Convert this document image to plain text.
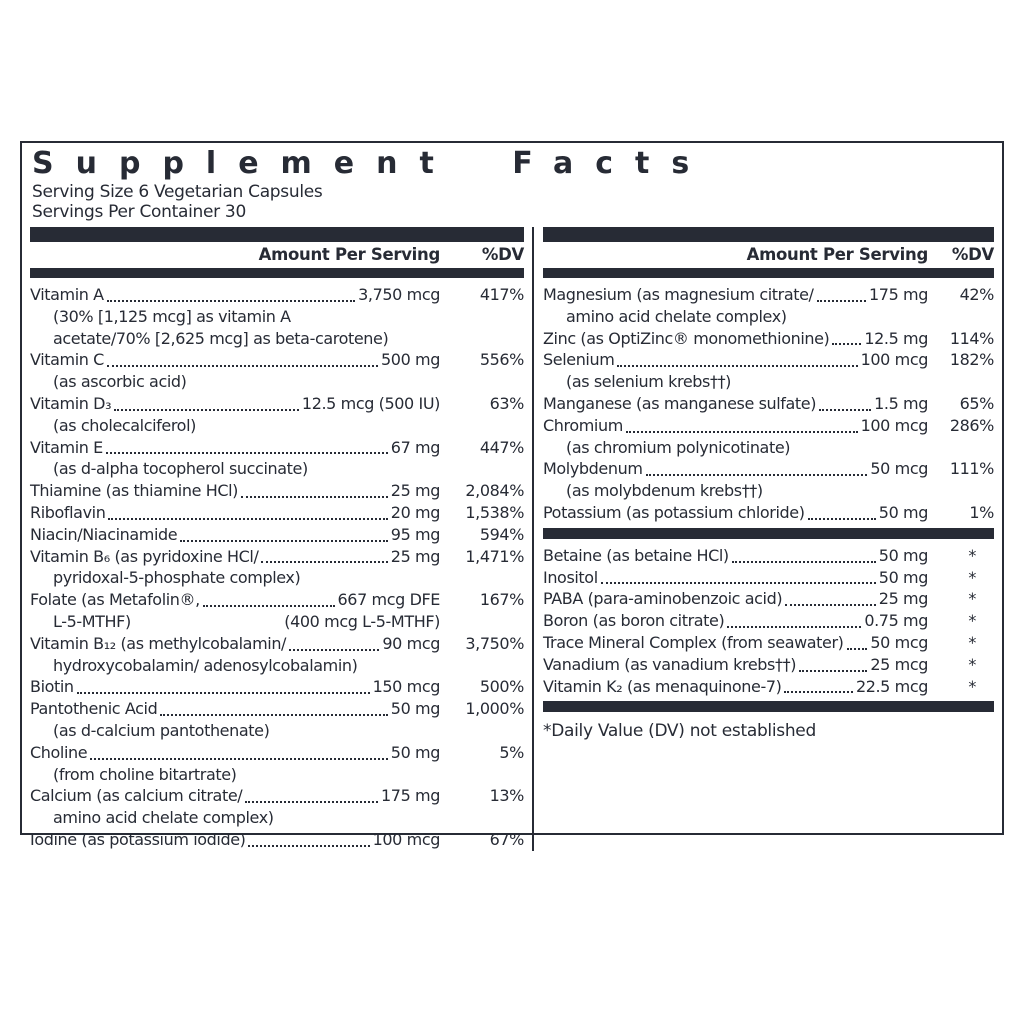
Supplement Facts
Serving Size 6 Vegetarian Capsules
Servings Per Container 30
Amount Per Serving	%DV
Vitamin A	3,750 mcg	417%
(30% [1,125 mcg] as vitamin A
acetate/70% [2,625 mcg] as beta-carotene)
Vitamin C	500 mg	556%
(as ascorbic acid)
Vitamin D₃	12.5 mcg (500 IU)	63%
(as cholecalciferol)
Vitamin E	67 mg	447%
(as d-alpha tocopherol succinate)
Thiamine (as thiamine HCl)	25 mg	2,084%
Riboflavin	20 mg	1,538%
Niacin/Niacinamide	95 mg	594%
Vitamin B₆ (as pyridoxine HCl/	25 mg	1,471%
pyridoxal-5-phosphate complex)
Folate (as Metafolin®,	667 mcg DFE	167%
L-5-MTHF)	(400 mcg L-5-MTHF)
Vitamin B₁₂ (as methylcobalamin/	90 mcg	3,750%
hydroxycobalamin/ adenosylcobalamin)
Biotin	150 mcg	500%
Pantothenic Acid	50 mg	1,000%
(as d-calcium pantothenate)
Choline	50 mg	5%
(from choline bitartrate)
Calcium (as calcium citrate/	175 mg	13%
amino acid chelate complex)
Iodine (as potassium iodide)	100 mcg	67%
Amount Per Serving	%DV
Magnesium (as magnesium citrate/	175 mg	42%
amino acid chelate complex)
Zinc (as OptiZinc® monomethionine) 12.5 mg	114%
Selenium	100 mcg	182%
(as selenium krebs††)
Manganese (as manganese sulfate)	1.5 mg	65%
Chromium	100 mcg	286%
(as chromium polynicotinate)
Molybdenum	50 mcg	111%
(as molybdenum krebs††)
Potassium (as potassium chloride)	50 mg	1%
Betaine (as betaine HCl)	50 mg	*
Inositol	50 mg	*
PABA (para-aminobenzoic acid)	25 mg	*
Boron (as boron citrate)	0.75 mg	*
Trace Mineral Complex (from seawater) 50 mcg	*
Vanadium (as vanadium krebs††)	25 mcg	*
Vitamin K₂ (as menaquinone-7)	22.5 mcg	*
*Daily Value (DV) not established
